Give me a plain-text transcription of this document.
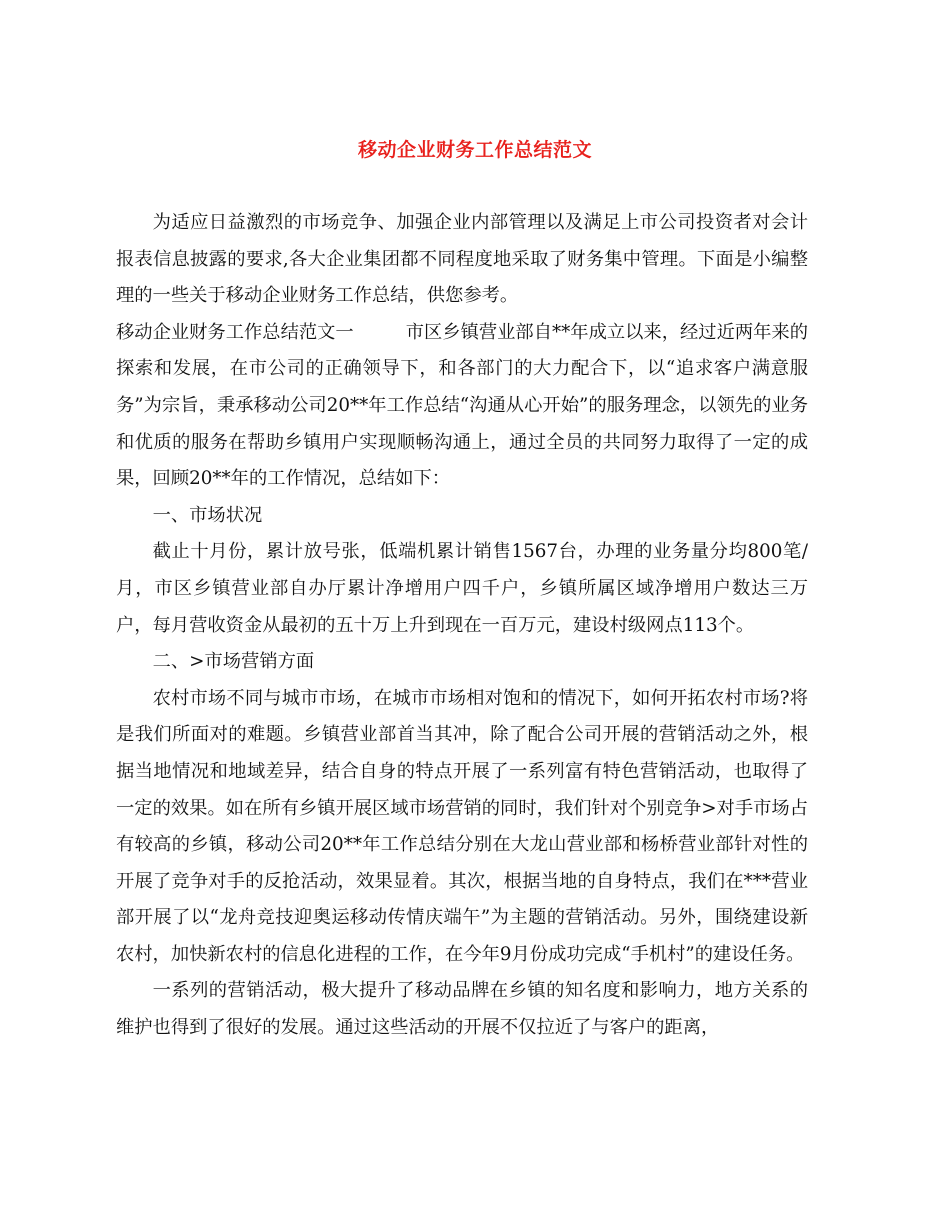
移动企业财务工作总结范文

为适应日益激烈的市场竞争、加强企业内部管理以及满足上市公司投资者对会计报表信息披露的要求,各大企业集团都不同程度地采取了财务集中管理。下面是小编整理的一些关于移动企业财务工作总结，供您参考。

移动企业财务工作总结范文一	市区乡镇营业部自**年成立以来，经过近两年来的探索和发展，在市公司的正确领导下，和各部门的大力配合下，以“追求客户满意服务”为宗旨，秉承移动公司20**年工作总结“沟通从心开始”的服务理念，以领先的业务和优质的服务在帮助乡镇用户实现顺畅沟通上，通过全员的共同努力取得了一定的成果，回顾20**年的工作情况，总结如下：

一、市场状况

截止十月份，累计放号张，低端机累计销售1567台，办理的业务量分均800笔/月，市区乡镇营业部自办厅累计净增用户四千户，乡镇所属区域净增用户数达三万户，每月营收资金从最初的五十万上升到现在一百万元，建设村级网点113个。

二、>市场营销方面

农村市场不同与城市市场，在城市市场相对饱和的情况下，如何开拓农村市场?将是我们所面对的难题。乡镇营业部首当其冲，除了配合公司开展的营销活动之外，根据当地情况和地域差异，结合自身的特点开展了一系列富有特色营销活动，也取得了一定的效果。如在所有乡镇开展区域市场营销的同时，我们针对个别竞争>对手市场占有较高的乡镇，移动公司20**年工作总结分别在大龙山营业部和杨桥营业部针对性的开展了竞争对手的反抢活动，效果显着。其次，根据当地的自身特点，我们在***营业部开展了以“龙舟竞技迎奥运移动传情庆端午”为主题的营销活动。另外，围绕建设新农村，加快新农村的信息化进程的工作，在今年9月份成功完成“手机村”的建设任务。

一系列的营销活动，极大提升了移动品牌在乡镇的知名度和影响力，地方关系的维护也得到了很好的发展。通过这些活动的开展不仅拉近了与客户的距离，
